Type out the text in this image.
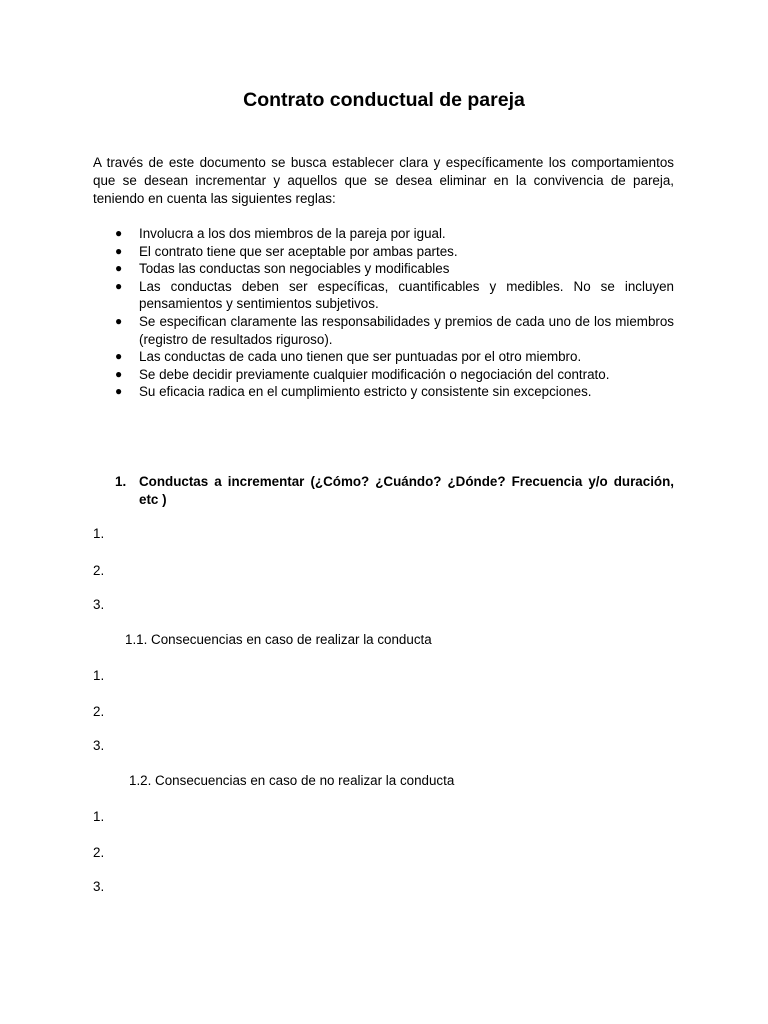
Contrato conductual de pareja

A través de este documento se busca establecer clara y específicamente los comportamientos que se desean incrementar y aquellos que se desea eliminar en la convivencia de pareja, teniendo en cuenta las siguientes reglas:

● Involucra a los dos miembros de la pareja por igual.
● El contrato tiene que ser aceptable por ambas partes.
● Todas las conductas son negociables y modificables
● Las conductas deben ser específicas, cuantificables y medibles. No se incluyen pensamientos y sentimientos subjetivos.
● Se especifican claramente las responsabilidades y premios de cada uno de los miembros (registro de resultados riguroso).
● Las conductas de cada uno tienen que ser puntuadas por el otro miembro.
● Se debe decidir previamente cualquier modificación o negociación del contrato.
● Su eficacia radica en el cumplimiento estricto y consistente sin excepciones.
1. Conductas a incrementar (¿Cómo? ¿Cuándo? ¿Dónde? Frecuencia y/o duración, etc )
1.
2.
3.
1.1. Consecuencias en caso de realizar la conducta
1.
2.
3.
1.2. Consecuencias en caso de no realizar la conducta
1.
2.
3.
